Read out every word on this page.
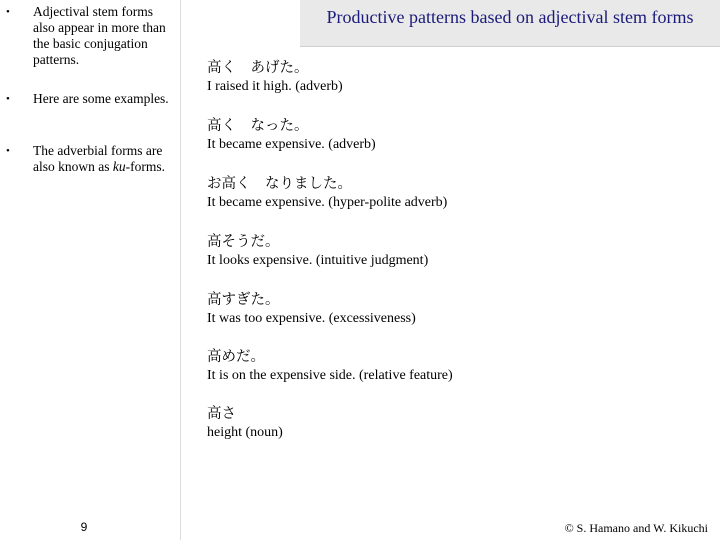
• Adjectival stem forms also appear in more than the basic conjugation patterns.
• Here are some examples.
• The adverbial forms are also known as ku-forms.
Productive patterns based on adjectival stem forms
高く　あげた。
I raised it high. (adverb)
高く　なった。
It became expensive. (adverb)
お高く　なりました。
It became expensive. (hyper-polite adverb)
高そうだ。
It looks expensive. (intuitive judgment)
高すぎた。
It was too expensive. (excessiveness)
高めだ。
It is on the expensive side. (relative feature)
高さ
height (noun)
9	© S. Hamano and W. Kikuchi
